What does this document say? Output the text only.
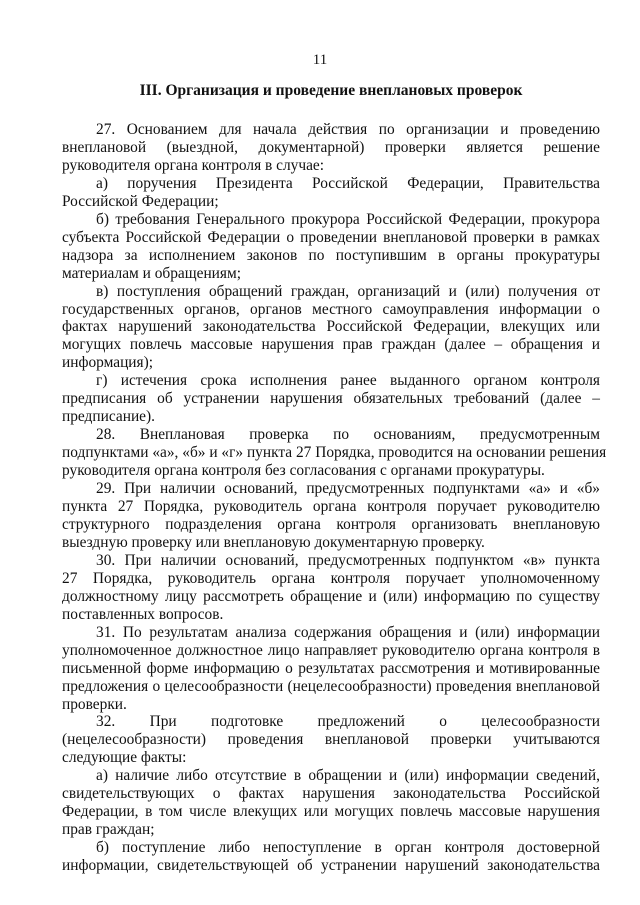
11
III. Организация и проведение внеплановых проверок
27. Основанием для начала действия по организации и проведению
внеплановой (выездной, документарной) проверки является решение
руководителя органа контроля в случае:
а) поручения Президента Российской Федерации, Правительства
Российской Федерации;
б) требования Генерального прокурора Российской Федерации, прокурора
субъекта Российской Федерации о проведении внеплановой проверки в рамках
надзора за исполнением законов по поступившим в органы прокуратуры
материалам и обращениям;
в) поступления обращений граждан, организаций и (или) получения от
государственных органов, органов местного самоуправления информации о
фактах нарушений законодательства Российской Федерации, влекущих или
могущих повлечь массовые нарушения прав граждан (далее – обращения и
информация);
г) истечения срока исполнения ранее выданного органом контроля
предписания об устранении нарушения обязательных требований (далее –
предписание).
28. Внеплановая проверка по основаниям, предусмотренным
подпунктами «а», «б» и «г» пункта 27 Порядка, проводится на основании решения
руководителя органа контроля без согласования с органами прокуратуры.
29. При наличии оснований, предусмотренных подпунктами «а» и «б»
пункта 27 Порядка, руководитель органа контроля поручает руководителю
структурного подразделения органа контроля организовать внеплановую
выездную проверку или внеплановую документарную проверку.
30. При наличии оснований, предусмотренных подпунктом «в» пункта
27 Порядка, руководитель органа контроля поручает уполномоченному
должностному лицу рассмотреть обращение и (или) информацию по существу
поставленных вопросов.
31. По результатам анализа содержания обращения и (или) информации
уполномоченное должностное лицо направляет руководителю органа контроля в
письменной форме информацию о результатах рассмотрения и мотивированные
предложения о целесообразности (нецелесообразности) проведения внеплановой
проверки.
32. При подготовке предложений о целесообразности
(нецелесообразности) проведения внеплановой проверки учитываются
следующие факты:
а) наличие либо отсутствие в обращении и (или) информации сведений,
свидетельствующих о фактах нарушения законодательства Российской
Федерации, в том числе влекущих или могущих повлечь массовые нарушения
прав граждан;
б) поступление либо непоступление в орган контроля достоверной
информации, свидетельствующей об устранении нарушений законодательства
